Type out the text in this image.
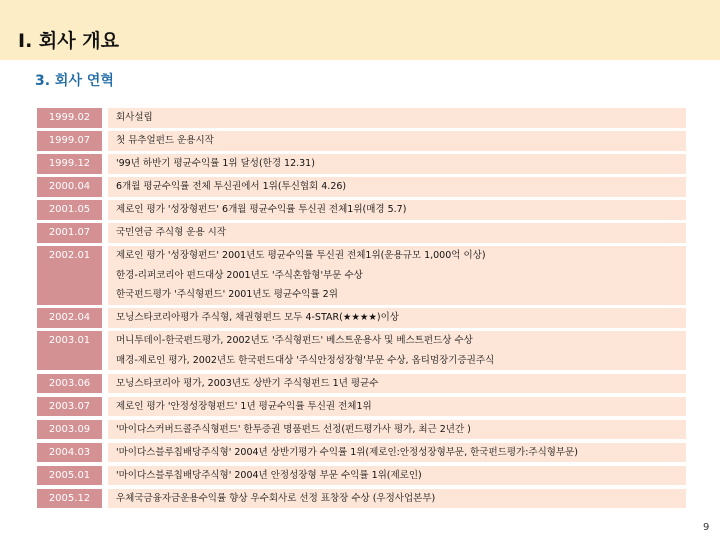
I. 회사 개요
3. 회사 연혁
1999.02	회사설립
1999.07	첫 뮤추얼펀드 운용시작
1999.12	'99년 하반기 평균수익률 1위 달성(한경 12.31)
2000.04	6개월 평균수익률 전체 투신권에서 1위(투신협회 4.26)
2001.05	제로인 평가 '성장형펀드' 6개월 평균수익률 투신권 전체1위(매경 5.7)
2001.07	국민연금 주식형 운용 시작
2002.01	제로인 평가 '성장형펀드' 2001년도 평균수익률 투신권 전체1위(운용규모 1,000억 이상)
한경-리퍼코리아 펀드대상 2001년도 '주식혼합형'부문 수상
한국펀드평가 '주식형펀드' 2001년도 평균수익률 2위
2002.04	모닝스타코리아평가 주식형, 채권형펀드 모두 4-STAR(★★★★)이상
2003.01	머니투데이-한국펀드평가, 2002년도 '주식형펀드' 베스트운용사 및 베스트펀드상 수상
매경-제로인 평가, 2002년도 한국펀드대상 '주식안정성장형'부문 수상, 옵티멈장기증권주식
2003.06	모닝스타코리아 평가, 2003년도 상반기 주식형펀드 1년 평균수
2003.07	제로인 평가 '안정성장형펀드' 1년 평균수익률 투신권 전체1위
2003.09	'마이다스커버드콜주식형펀드' 한투증권 명품펀드 선정(펀드평가사 평가, 최근 2년간 )
2004.03	'마이다스블루칩배당주식형' 2004년 상반기평가 수익률 1위(제로인:안정성장형부문, 한국펀드평가:주식형부문)
2005.01	'마이다스블루칩배당주식형' 2004년 안정성장형 부문 수익률 1위(제로인)
2005.12	우체국금융자금운용수익률 향상 우수회사로 선정 표창장 수상 (우정사업본부)
9
